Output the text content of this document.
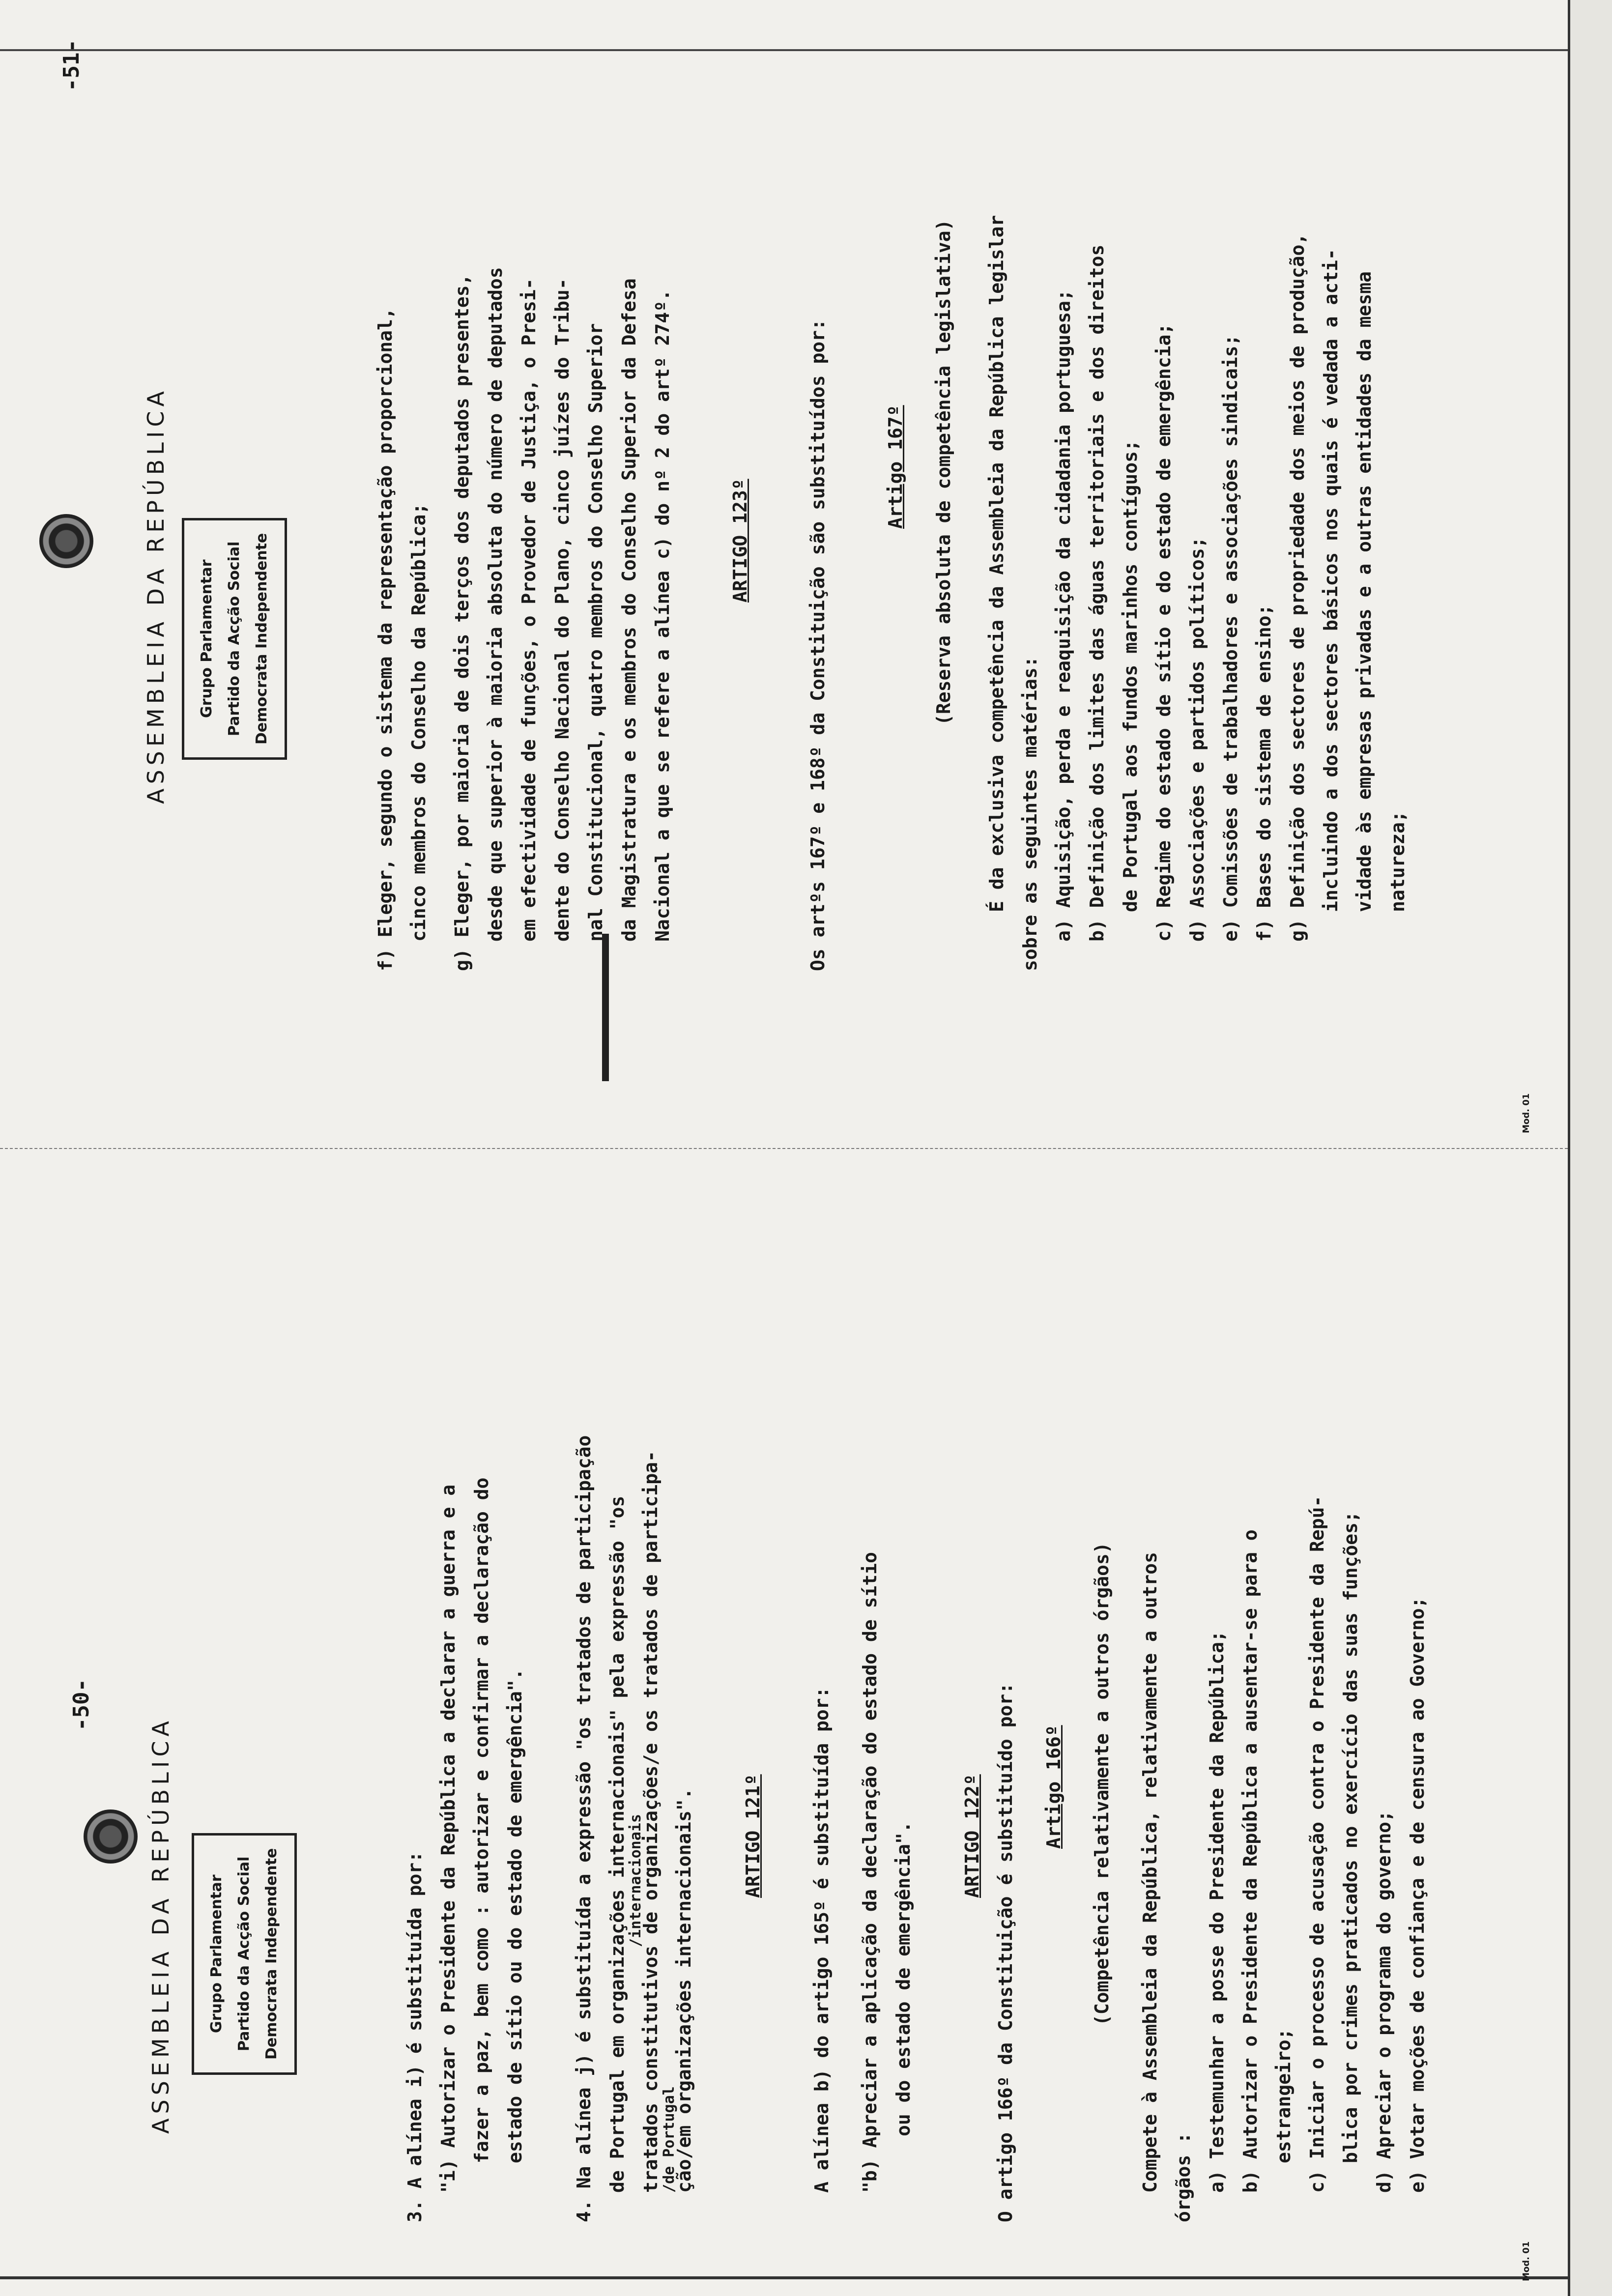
-50-
ASSEMBLEIA DA REPÚBLICA	Grupo Parlamentar Partido da Acção Social Democrata Independente	3. A alínea i) é substituída por: "i) Autorizar o Presidente da República a declarar a guerra e a fazer a paz, bem como : autorizar e confirmar a declaração do estado de sítio ou do estado de emergência".	4. Na alínea j) é substituída a expressão "os tratados de participação de Portugal em organizações internacionais" pela expressão "os

/internacionais
tratados constitutivos de organizações/e os tratados de participa-

/de Portugal
ção/em organizações internacionais".	ARTIGO 121º	A alínea b) do artigo 165º é substituída por:	"b) Apreciar a aplicação da declaração do estado de sítio ou do estado de emergência".	ARTIGO 122º O artigo 166º da Constituição é substituído por:	Artigo 166º	(Competência relativamente a outros órgãos)	Compete à Assembleia da República, relativamente a outros órgãos : a) Testemunhar a posse do Presidente da República; b) Autorizar o Presidente da República a ausentar-se para o estrangeiro; c) Iniciar o processo de acusação contra o Presidente da Repú- blica por crimes praticados no exercício das suas funções; d) Apreciar o programa do governo; e) Votar moções de confiança e de censura ao Governo;

Mod. 01
-51-
ASSEMBLEIA DA REPÚBLICA	Grupo Parlamentar Partido da Acção Social Democrata Independente	f) Eleger, segundo o sistema da representação proporcional, cinco membros do Conselho da República;	g) Eleger, por maioria de dois terços dos deputados presentes, desde que superior à maioria absoluta do número de deputados em efectividade de funções, o Provedor de Justiça, o Presi- dente do Conselho Nacional do Plano, cinco juízes do Tribu- nal Constitucional, quatro membros do Conselho Superior da Magistratura e os membros do Conselho Superior da Defesa Nacional a que se refere a alínea c) do nº 2 do artº 274º.	ARTIGO 123º	Os artºs 167º e 168º da Constituição são substituídos por:	Artigo 167º	(Reserva absoluta de competência legislativa)	É da exclusiva competência da Assembleia da República legislar sobre as seguintes matérias: a) Aquisição, perda e reaquisição da cidadania portuguesa; b) Definição dos limites das águas territoriais e dos direitos de Portugal aos fundos marinhos contíguos; c) Regime do estado de sítio e do estado de emergência; d) Associações e partidos políticos; e) Comissões de trabalhadores e associações sindicais; f) Bases do sistema de ensino; g) Definição dos sectores de propriedade dos meios de produção, incluindo a dos sectores básicos nos quais é vedada a acti- vidade às empresas privadas e a outras entidades da mesma natureza;

Mod. 01
